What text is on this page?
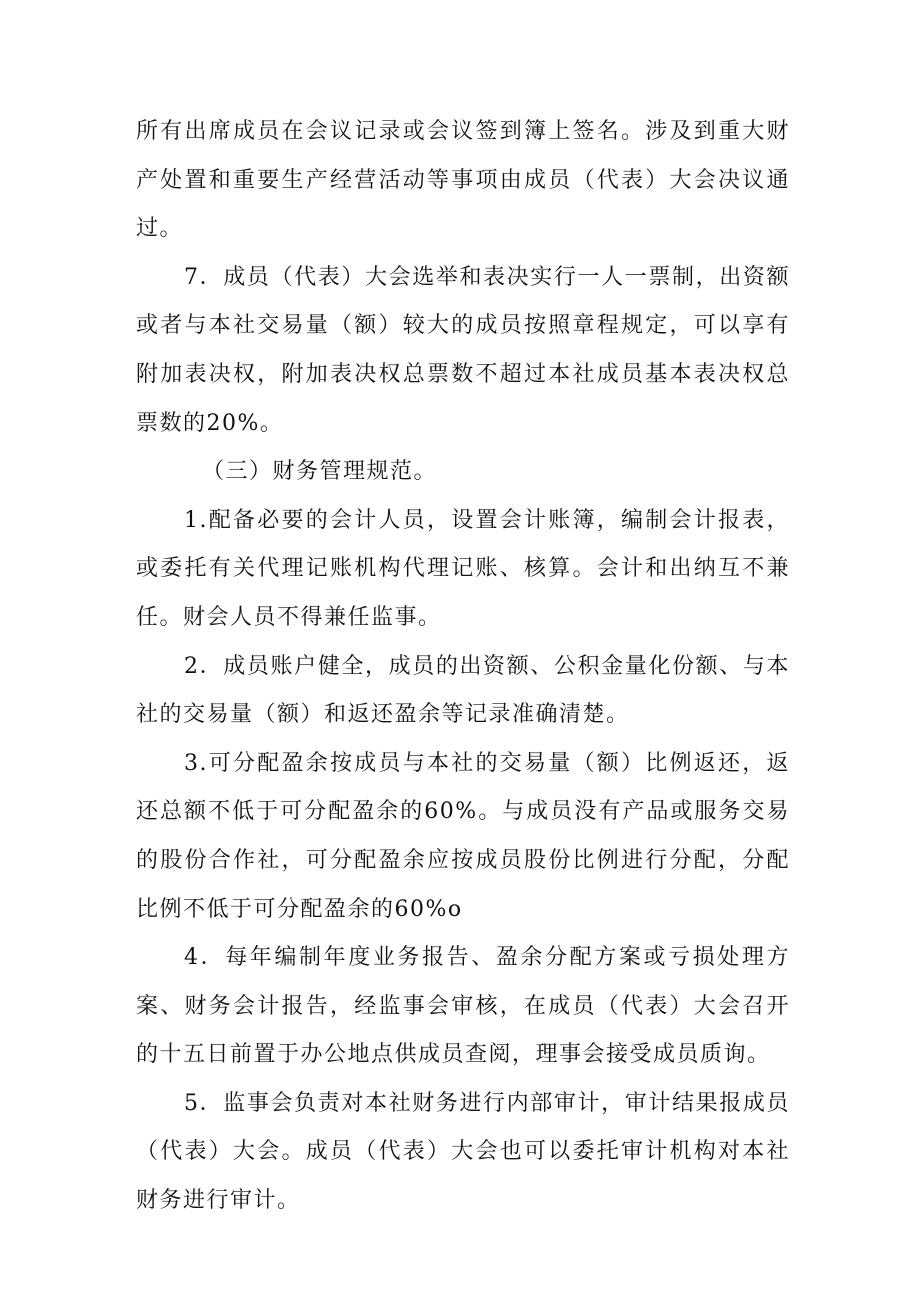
所有出席成员在会议记录或会议签到簿上签名。涉及到重大财产处置和重要生产经营活动等事项由成员（代表）大会决议通过。

7．成员（代表）大会选举和表决实行一人一票制，出资额或者与本社交易量（额）较大的成员按照章程规定，可以享有附加表决权，附加表决权总票数不超过本社成员基本表决权总票数的20%。

（三）财务管理规范。

1.配备必要的会计人员，设置会计账簿，编制会计报表，或委托有关代理记账机构代理记账、核算。会计和出纳互不兼任。财会人员不得兼任监事。

2．成员账户健全，成员的出资额、公积金量化份额、与本社的交易量（额）和返还盈余等记录准确清楚。

3.可分配盈余按成员与本社的交易量（额）比例返还，返还总额不低于可分配盈余的60%。与成员没有产品或服务交易的股份合作社，可分配盈余应按成员股份比例进行分配，分配比例不低于可分配盈余的60%o

4．每年编制年度业务报告、盈余分配方案或亏损处理方案、财务会计报告，经监事会审核，在成员（代表）大会召开的十五日前置于办公地点供成员查阅，理事会接受成员质询。

5．监事会负责对本社财务进行内部审计，审计结果报成员（代表）大会。成员（代表）大会也可以委托审计机构对本社财务进行审计。
